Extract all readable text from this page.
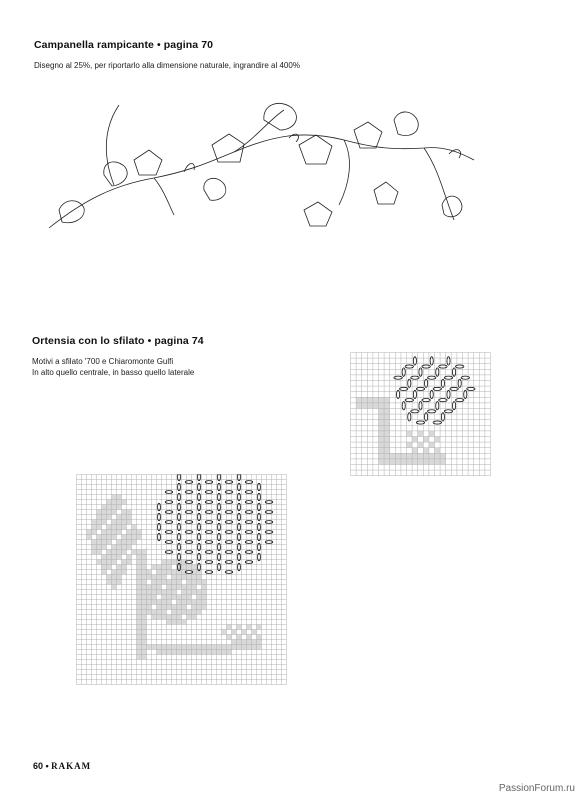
Campanella rampicante • pagina 70
Disegno al 25%, per riportarlo alla dimensione naturale, ingrandire al 400%
Ortensia con lo sfilato • pagina 74
Motivi a sfilato '700 e Chiaromonte Gulfi
In alto quello centrale, in basso quello laterale
60 • RAKAM
PassionForum.ru
